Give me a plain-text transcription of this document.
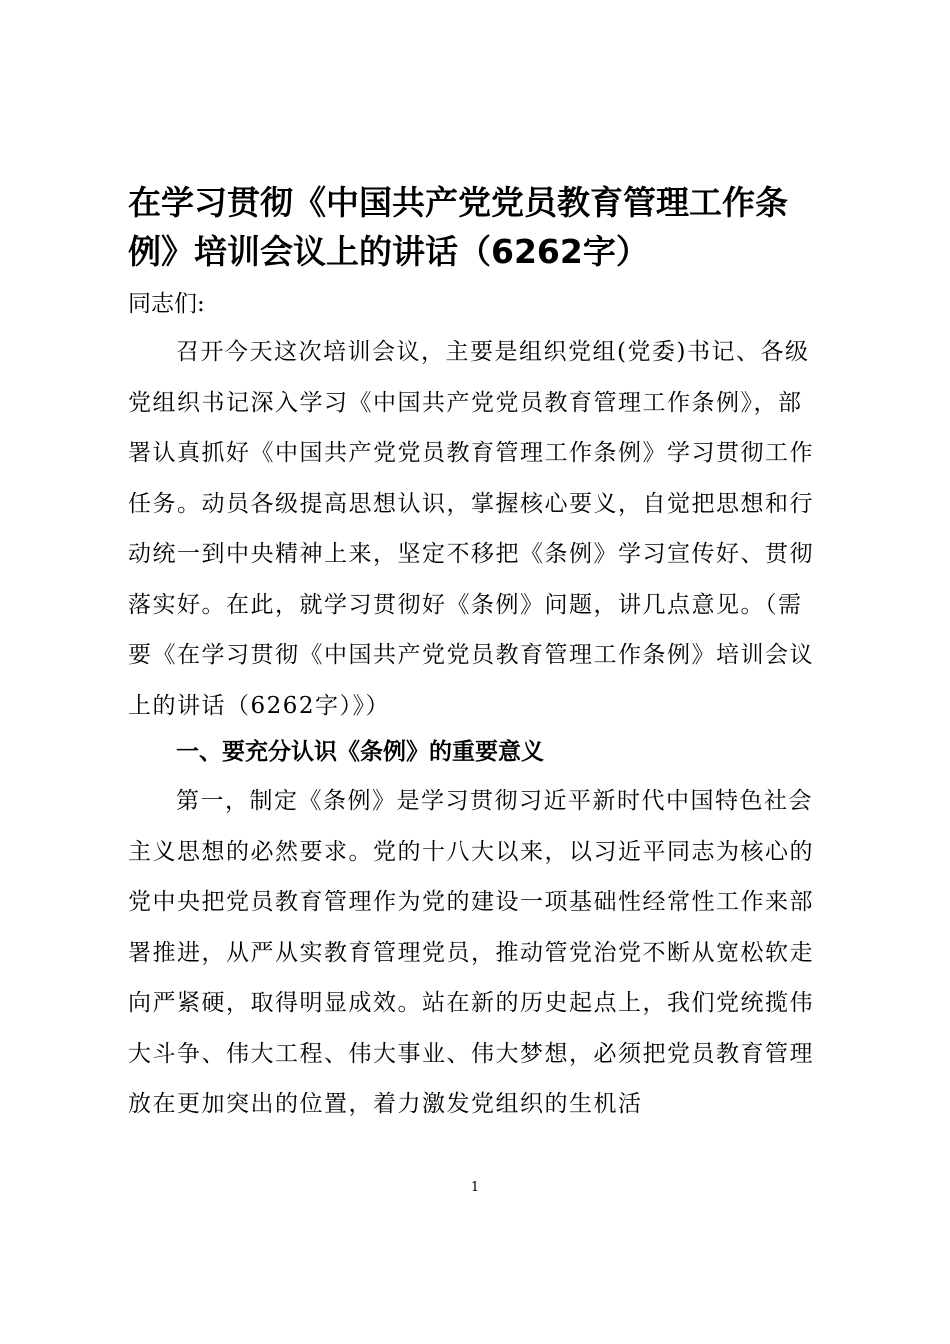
在学习贯彻《中国共产党党员教育管理工作条例》培训会议上的讲话（6262字）

同志们:

召开今天这次培训会议，主要是组织党组(党委)书记、各级党组织书记深入学习《中国共产党党员教育管理工作条例》，部署认真抓好《中国共产党党员教育管理工作条例》学习贯彻工作任务。动员各级提高思想认识，掌握核心要义，自觉把思想和行动统一到中央精神上来，坚定不移把《条例》学习宣传好、贯彻落实好。在此，就学习贯彻好《条例》问题，讲几点意见。（需要《在学习贯彻《中国共产党党员教育管理工作条例》培训会议上的讲话（6262字）》）

一、要充分认识《条例》的重要意义

第一，制定《条例》是学习贯彻习近平新时代中国特色社会主义思想的必然要求。党的十八大以来，以习近平同志为核心的党中央把党员教育管理作为党的建设一项基础性经常性工作来部署推进，从严从实教育管理党员，推动管党治党不断从宽松软走向严紧硬，取得明显成效。站在新的历史起点上，我们党统揽伟大斗争、伟大工程、伟大事业、伟大梦想，必须把党员教育管理放在更加突出的位置，着力激发党组织的生机活

1
